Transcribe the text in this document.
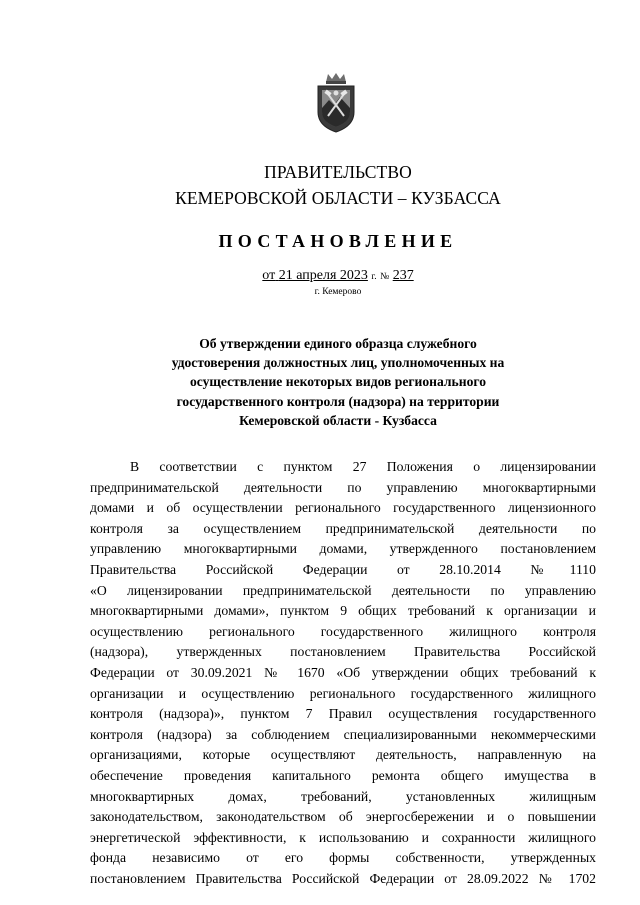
ПРАВИТЕЛЬСТВО
КЕМЕРОВСКОЙ ОБЛАСТИ – КУЗБАССА
ПОСТАНОВЛЕНИЕ
от 21 апреля 2023 г. № 237
г. Кемерово
Об утверждении единого образца служебного
удостоверения должностных лиц, уполномоченных на
осуществление некоторых видов регионального
государственного контроля (надзора) на территории
Кемеровской области - Кузбасса
В соответствии с пунктом 27 Положения о лицензировании
предпринимательской деятельности по управлению многоквартирными
домами и об осуществлении регионального государственного лицензионного
контроля за осуществлением предпринимательской деятельности по
управлению многоквартирными домами, утвержденного постановлением
Правительства Российской Федерации от 28.10.2014 №1110
«О лицензировании предпринимательской деятельности по управлению
многоквартирными домами», пунктом 9 общих требований к организации и
осуществлению регионального государственного жилищного контроля
(надзора), утвержденных постановлением Правительства Российской
Федерации от 30.09.2021 № 1670 «Об утверждении общих требований к
организации и осуществлению регионального государственного жилищного
контроля (надзора)», пунктом 7 Правил осуществления государственного
контроля (надзора) за соблюдением специализированными некоммерческими
организациями, которые осуществляют деятельность, направленную на
обеспечение проведения капитального ремонта общего имущества в
многоквартирных домах, требований, установленных жилищным
законодательством, законодательством об энергосбережении и о повышении
энергетической эффективности, к использованию и сохранности жилищного
фонда независимо от его формы собственности, утвержденных
постановлением Правительства Российской Федерации от 28.09.2022 № 1702
